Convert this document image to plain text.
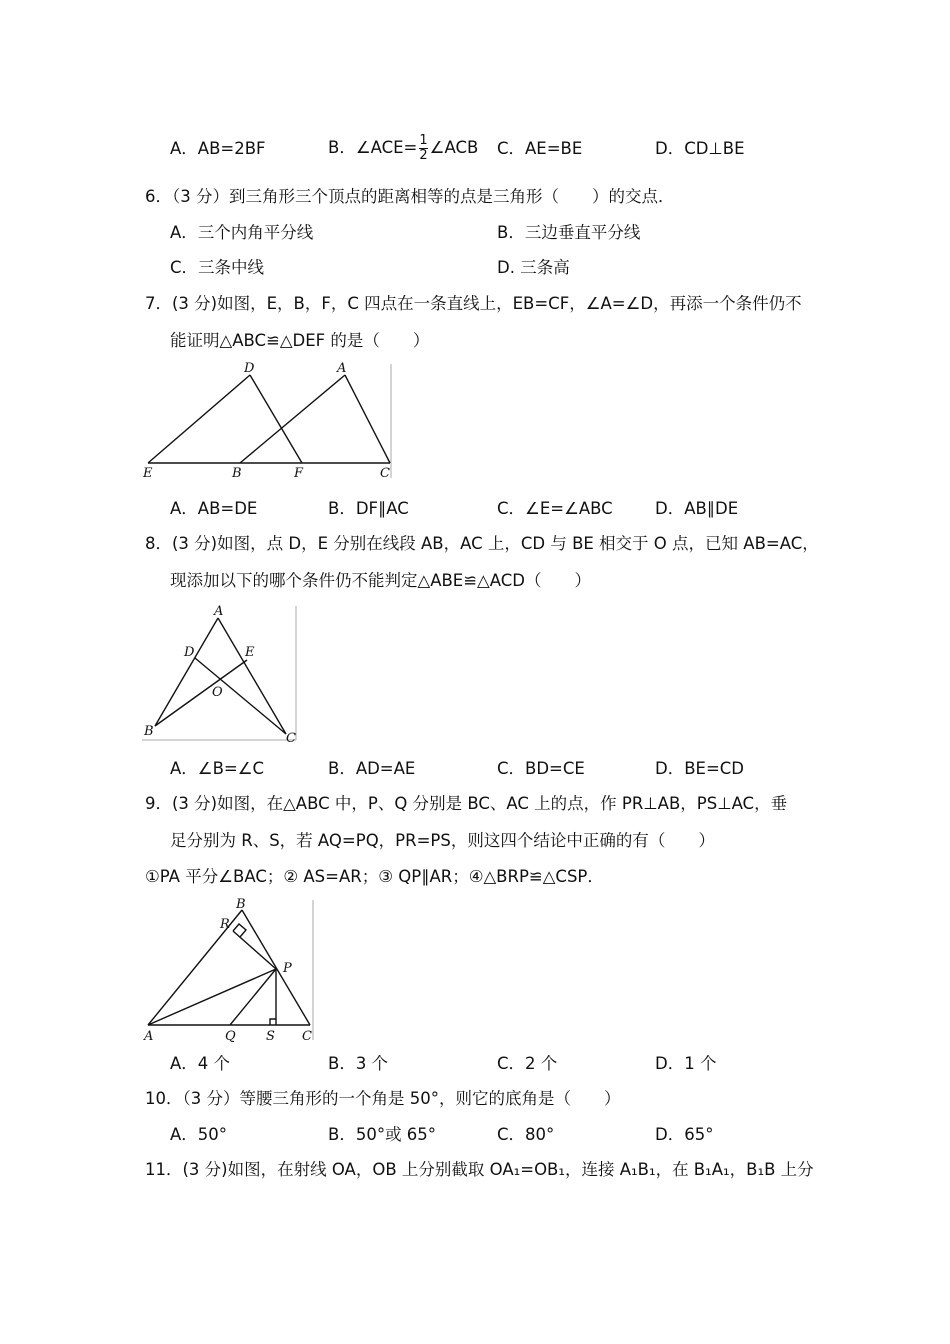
A．AB=2BF	B．∠ACE= $\frac{1}{2}$ ∠ACB C．AE=BE	D．CD⊥BE
6．（3 分）到三角形三个顶点的距离相等的点是三角形（　　）的交点．
A．三个内角平分线	B．三边垂直平分线
C．三条中线	D. 三条高
7．(3 分)如图，E，B，F，C 四点在一条直线上，EB=CF，∠A=∠D，再添一个条件仍不
能证明△ABC≌△DEF 的是（　　）
D	A
E	B	F	C
A．AB=DE	B．DF∥AC	C．∠E=∠ABC	D．AB∥DE
8．(3 分)如图，点 D，E 分别在线段 AB，AC 上，CD 与 BE 相交于 O 点，已知 AB=AC，
现添加以下的哪个条件仍不能判定△ABE≌△ACD（　　）
A
D	E
O
B	C
A．∠B=∠C	B．AD=AE	C．BD=CE	D．BE=CD
9．(3 分)如图，在△ABC 中，P、Q 分别是 BC、AC 上的点，作 PR⊥AB，PS⊥AC，垂
足分别为 R、S，若 AQ=PQ，PR=PS，则这四个结论中正确的有（　　）
①PA 平分∠BAC；② AS=AR；③ QP∥AR；④△BRP≌△CSP．
B
R
P
A	Q S C
A．4 个	B．3 个	C．2 个	D．1 个
10．（3 分）等腰三角形的一个角是 50°，则它的底角是（　　）
A．50°	B．50°或 65°	C．80°	D．65°
11．(3 分)如图，在射线 OA，OB 上分别截取 OA₁=OB₁，连接 A₁B₁，在 B₁A₁，B₁B 上分
